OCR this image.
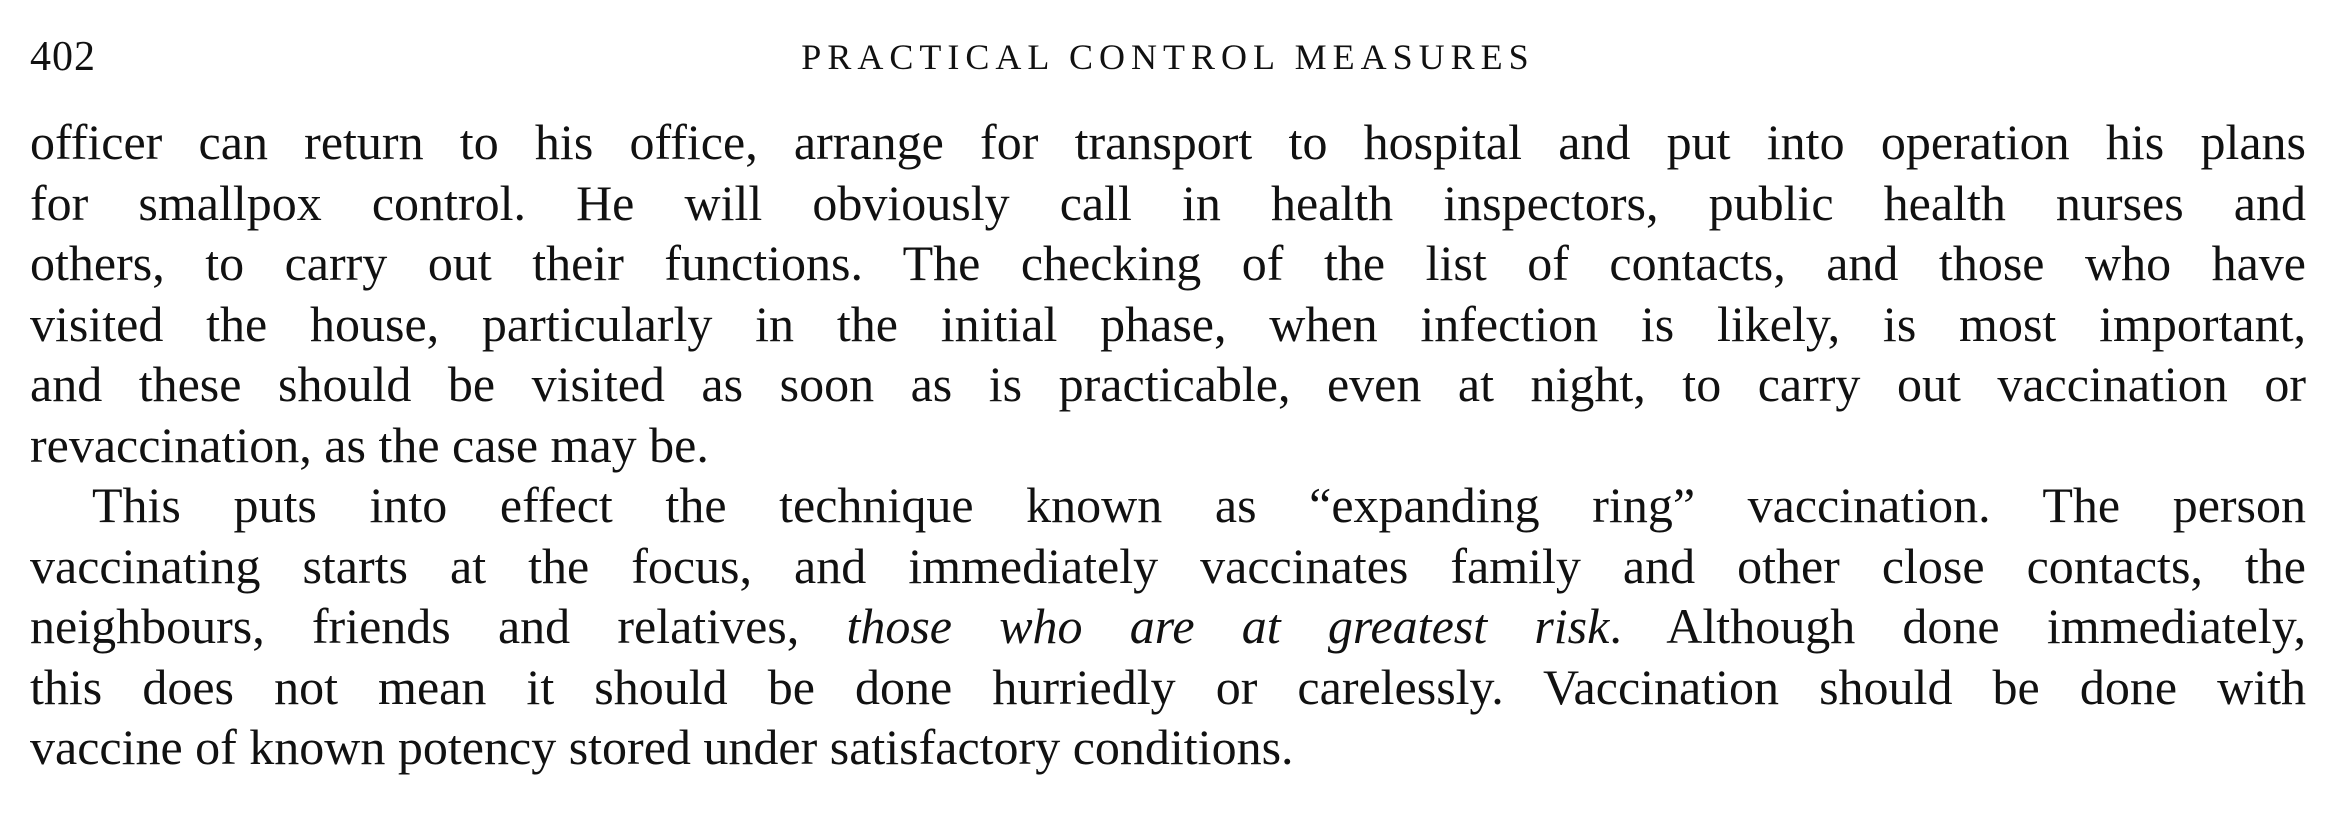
402	PRACTICAL CONTROL MEASURES

officer can return to his office, arrange for transport to hospital and put into operation his plans
for smallpox control. He will obviously call in health inspectors, public health nurses and
others, to carry out their functions. The checking of the list of contacts, and those who have
visited the house, particularly in the initial phase, when infection is likely, is most important,
and these should be visited as soon as is practicable, even at night, to carry out vaccination or
revaccination, as the case may be.

This puts into effect the technique known as “expanding ring” vaccination. The person
vaccinating starts at the focus, and immediately vaccinates family and other close contacts, the
neighbours, friends and relatives, those who are at greatest risk. Although done immediately,
this does not mean it should be done hurriedly or carelessly. Vaccination should be done with
vaccine of known potency stored under satisfactory conditions.
